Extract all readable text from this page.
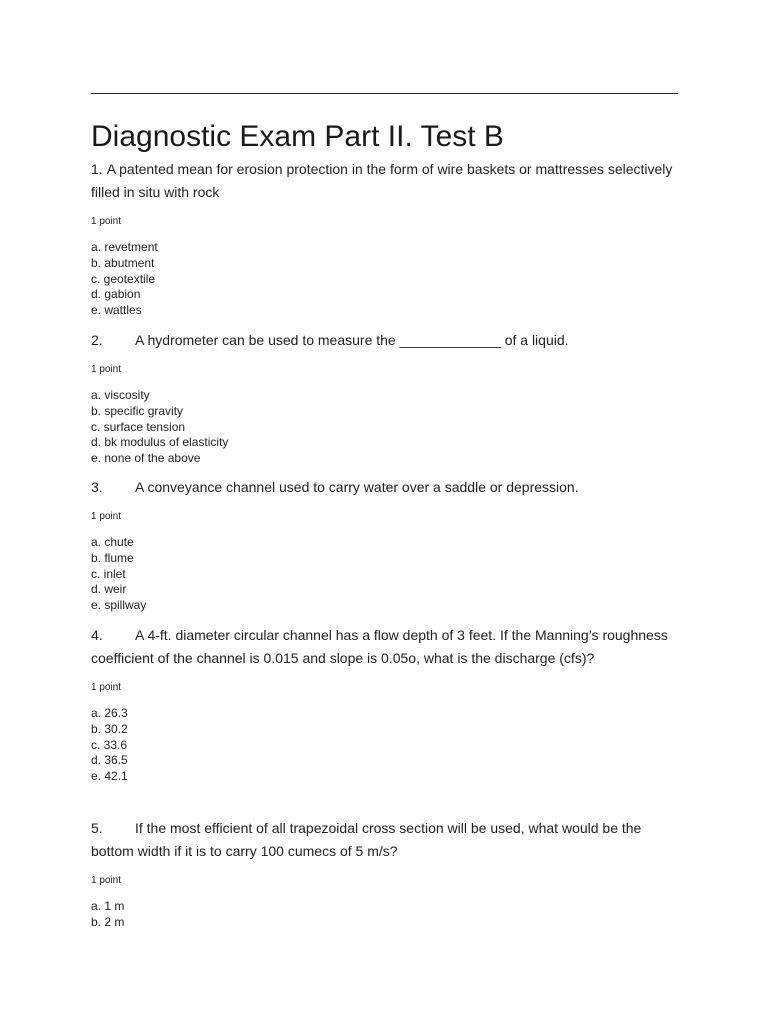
Diagnostic Exam Part II. Test B

1. A patented mean for erosion protection in the form of wire baskets or mattresses selectively filled in situ with rock

1 point
a. revetment
b. abutment
c. geotextile
d. gabion
e. wattles

2. A hydrometer can be used to measure the _____________ of a liquid.

1 point
a. viscosity
b. specific gravity
c. surface tension
d. bk modulus of elasticity
e. none of the above

3. A conveyance channel used to carry water over a saddle or depression.

1 point
a. chute
b. flume
c. inlet
d. weir
e. spillway

4. A 4-ft. diameter circular channel has a flow depth of 3 feet. If the Manning’s roughness coefficient of the channel is 0.015 and slope is 0.05o, what is the discharge (cfs)?

1 point
a. 26.3
b. 30.2
c. 33.6
d. 36.5
e. 42.1

5. If the most efficient of all trapezoidal cross section will be used, what would be the bottom width if it is to carry 100 cumecs of 5 m/s?

1 point
a. 1 m
b. 2 m
